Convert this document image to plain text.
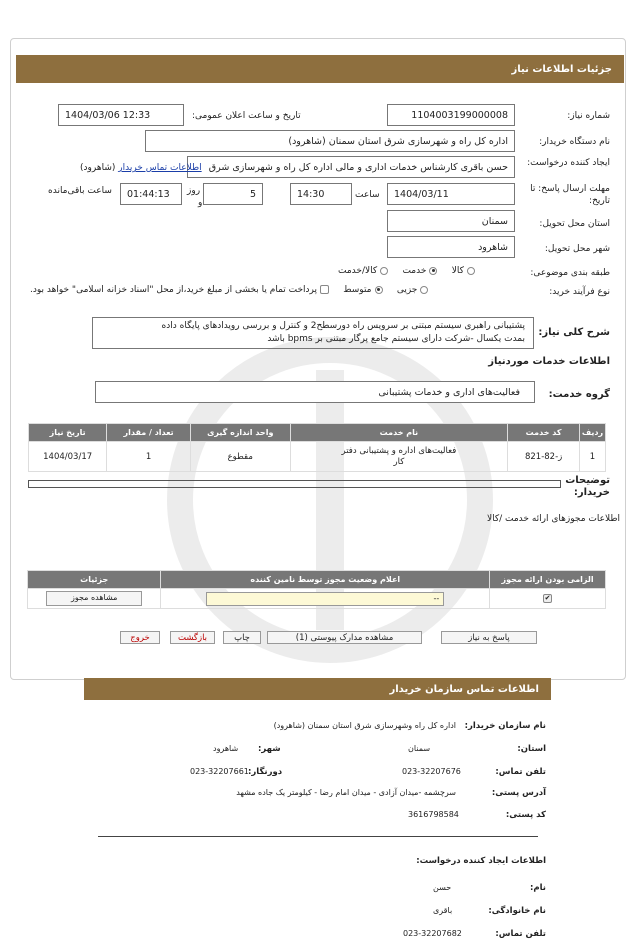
جزئیات اطلاعات نیاز
شماره نیاز:
1104003199000008
تاریخ و ساعت اعلان عمومی:
1404/03/06 12:33
نام دستگاه خریدار:
اداره کل راه و شهرسازی شرق استان سمنان (شاهرود)
ایجاد کننده درخواست:
حسن باقری کارشناس خدمات اداری و مالی اداره کل راه و شهرسازی شرق
اطلاعات تماس خریدار (شاهرود)
مهلت ارسال پاسخ: تا تاریخ:
1404/03/11
ساعت
14:30
5
روز
و
01:44:13
ساعت باقی‌مانده
استان محل تحویل:
سمنان
شهر محل تحویل:
شاهرود
طبقه بندی موضوعی:
کالا     خدمت     کالا/خدمت
نوع فرآیند خرید:
جزیی     متوسط      پرداخت تمام یا بخشی از مبلغ خرید،از محل "اسناد خزانه اسلامی" خواهد بود.
شرح کلی نیاز:
پشتیبانی راهبری سیستم مبتنی بر سرویس راه دورسطح2 و کنترل و بررسی رویدادهای پایگاه داده
بمدت یکسال -شرکت دارای سیستم جامع پرگار مبتنی بر bpms باشد
اطلاعات خدمات موردنیاز
گروه خدمت:
فعالیت‌های اداری و خدمات پشتیبانی
ردیف	کد خدمت	نام خدمت	واحد اندازه گیری	تعداد / مقدار	تاریخ نیاز
1	ز-82-821	فعالیت‌های اداره و پشتیبانی دفتر
کار	مقطوع	1	1404/03/17
توضیحات
خریدار:
اطلاعات مجوزهای ارائه خدمت /کالا
الزامی بودن ارائه مجوز	اعلام وضعیت مجوز توسط نامین کننده	جزئیات
✔	--	مشاهده مجوز
پاسخ به نیاز
مشاهده مدارک پیوستی (1)
چاپ
بازگشت
خروج
اطلاعات تماس سازمان خریدار
نام سازمان خریدار:
اداره کل راه وشهرسازی شرق استان سمنان (شاهرود)
استان:
سمنان
شهر:
شاهرود
تلفن تماس:
023-32207676
دورنگار:
023-32207661
آدرس پستی:
سرچشمه -میدان آزادی - میدان امام رضا - کیلومتر یک جاده مشهد
کد پستی:
3616798584
اطلاعات ایجاد کننده درخواست:
نام:
حسن
نام خانوادگی:
باقری
تلفن تماس:
023-32207682
